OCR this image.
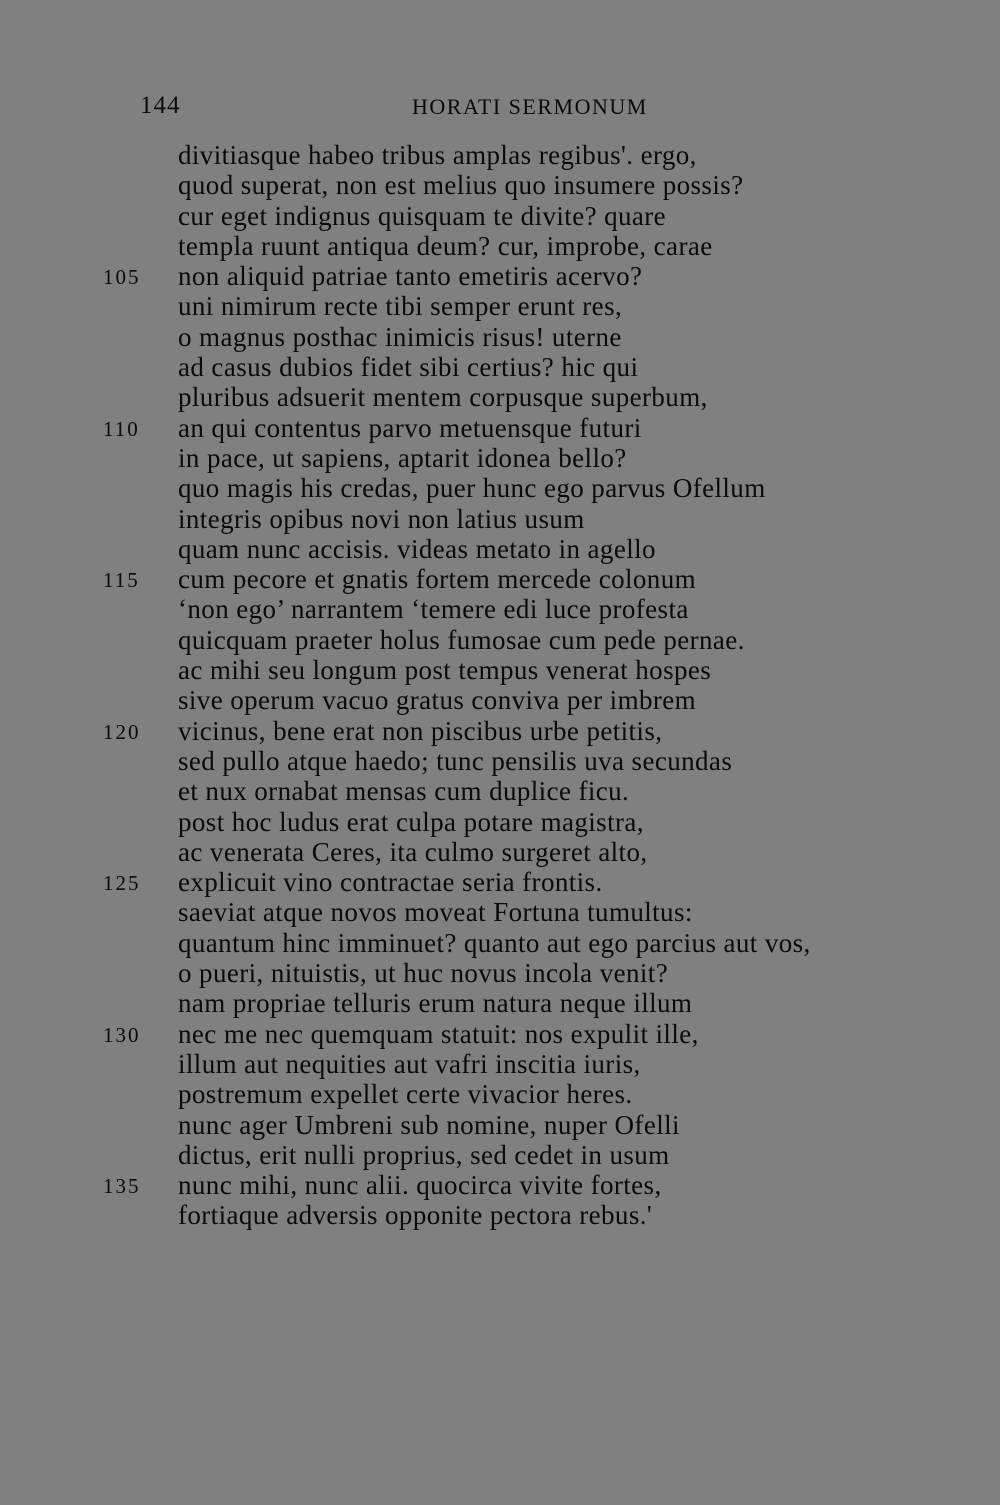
144	HORATI SERMONUM
divitiasque habeo tribus amplas regibus'. ergo,
quod superat, non est melius quo insumere possis?
cur eget indignus quisquam te divite? quare
templa ruunt antiqua deum? cur, improbe, carae
105 non aliquid patriae tanto emetiris acervo?
uni nimirum recte tibi semper erunt res,
o magnus posthac inimicis risus! uterne
ad casus dubios fidet sibi certius? hic qui
pluribus adsuerit mentem corpusque superbum,
110 an qui contentus parvo metuensque futuri
in pace, ut sapiens, aptarit idonea bello?
quo magis his credas, puer hunc ego parvus Ofellum
integris opibus novi non latius usum
quam nunc accisis. videas metato in agello
115 cum pecore et gnatis fortem mercede colonum
‘non ego’ narrantem ‘temere edi luce profesta
quicquam praeter holus fumosae cum pede pernae.
ac mihi seu longum post tempus venerat hospes
sive operum vacuo gratus conviva per imbrem
120 vicinus, bene erat non piscibus urbe petitis,
sed pullo atque haedo; tunc pensilis uva secundas
et nux ornabat mensas cum duplice ficu.
post hoc ludus erat culpa potare magistra,
ac venerata Ceres, ita culmo surgeret alto,
125 explicuit vino contractae seria frontis.
saeviat atque novos moveat Fortuna tumultus:
quantum hinc imminuet? quanto aut ego parcius aut vos,
o pueri, nituistis, ut huc novus incola venit?
nam propriae telluris erum natura neque illum
130 nec me nec quemquam statuit: nos expulit ille,
illum aut nequities aut vafri inscitia iuris,
postremum expellet certe vivacior heres.
nunc ager Umbreni sub nomine, nuper Ofelli
dictus, erit nulli proprius, sed cedet in usum
135 nunc mihi, nunc alii. quocirca vivite fortes,
fortiaque adversis opponite pectora rebus.'
